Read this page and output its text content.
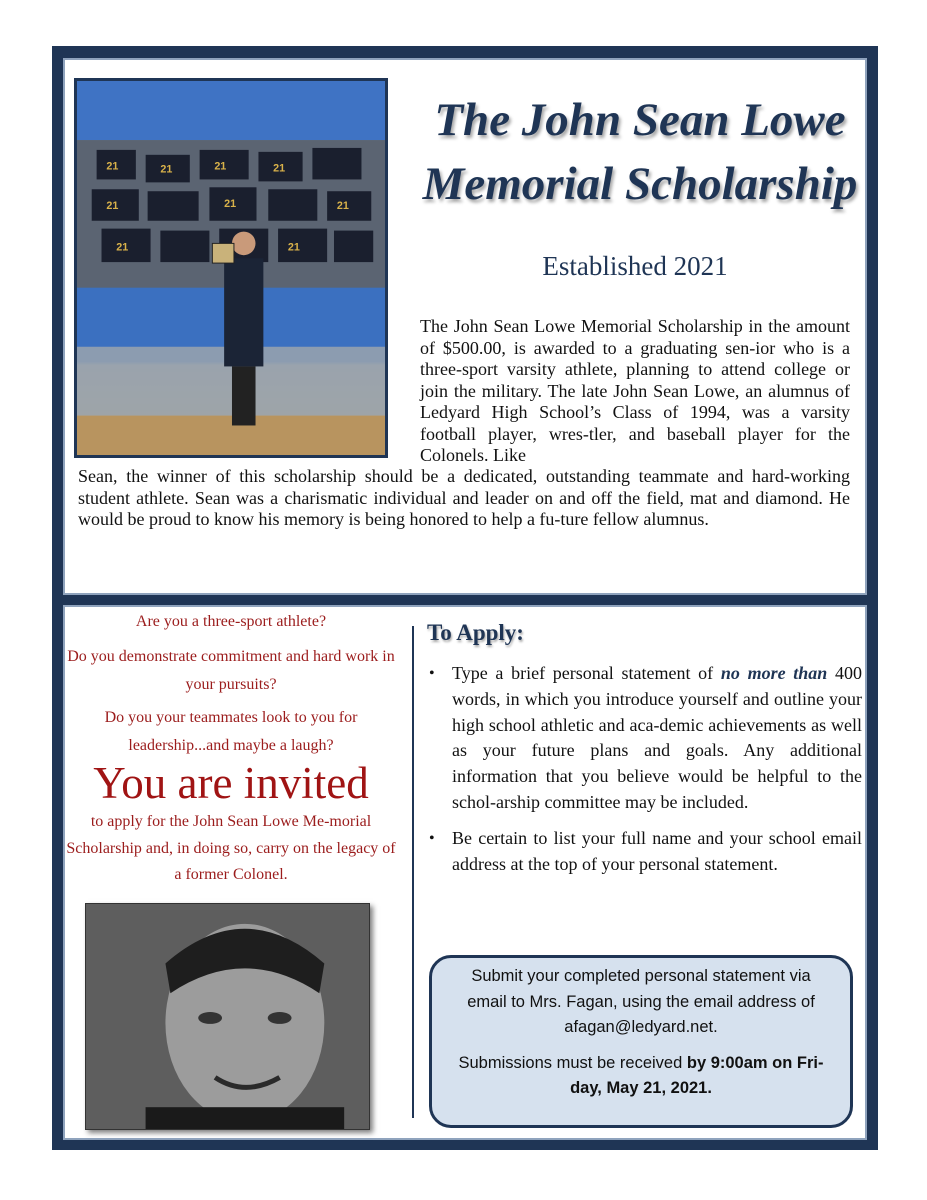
21	21	21	21
21	21	21
21	21
The John Sean Lowe
Memorial Scholarship
Established 2021
The John Sean Lowe Memorial Scholarship in the amount of $500.00, is awarded to a graduating sen-ior who is a three-sport varsity athlete, planning to attend college or join the military. The late John Sean Lowe, an alumnus of Ledyard High School’s Class of 1994, was a varsity football player, wres-tler, and baseball player for the Colonels. Like
Sean, the winner of this scholarship should be a dedicated, outstanding teammate and hard-working student athlete. Sean was a charismatic individual and leader on and off the field, mat and diamond. He would be proud to know his memory is being honored to help a fu-ture fellow alumnus.
Are you a three-sport athlete?
Do you demonstrate commitment and hard work in your pursuits?
Do you your teammates look to you for leadership...and maybe a laugh?
You are invited
to apply for the John Sean Lowe Me-morial Scholarship and, in doing so, carry on the legacy of a former Colonel.
To Apply:
• Type a brief personal statement of no more than 400 words, in which you introduce yourself and outline your high school athletic and aca-demic achievements as well as your future plans and goals. Any additional information that you believe would be helpful to the schol-arship committee may be included.
• Be certain to list your full name and your school email address at the top of your personal statement.

Submit your completed personal statement via email to Mrs. Fagan, using the email address of afagan@ledyard.net.

Submissions must be received by 9:00am on Fri-day, May 21, 2021.
